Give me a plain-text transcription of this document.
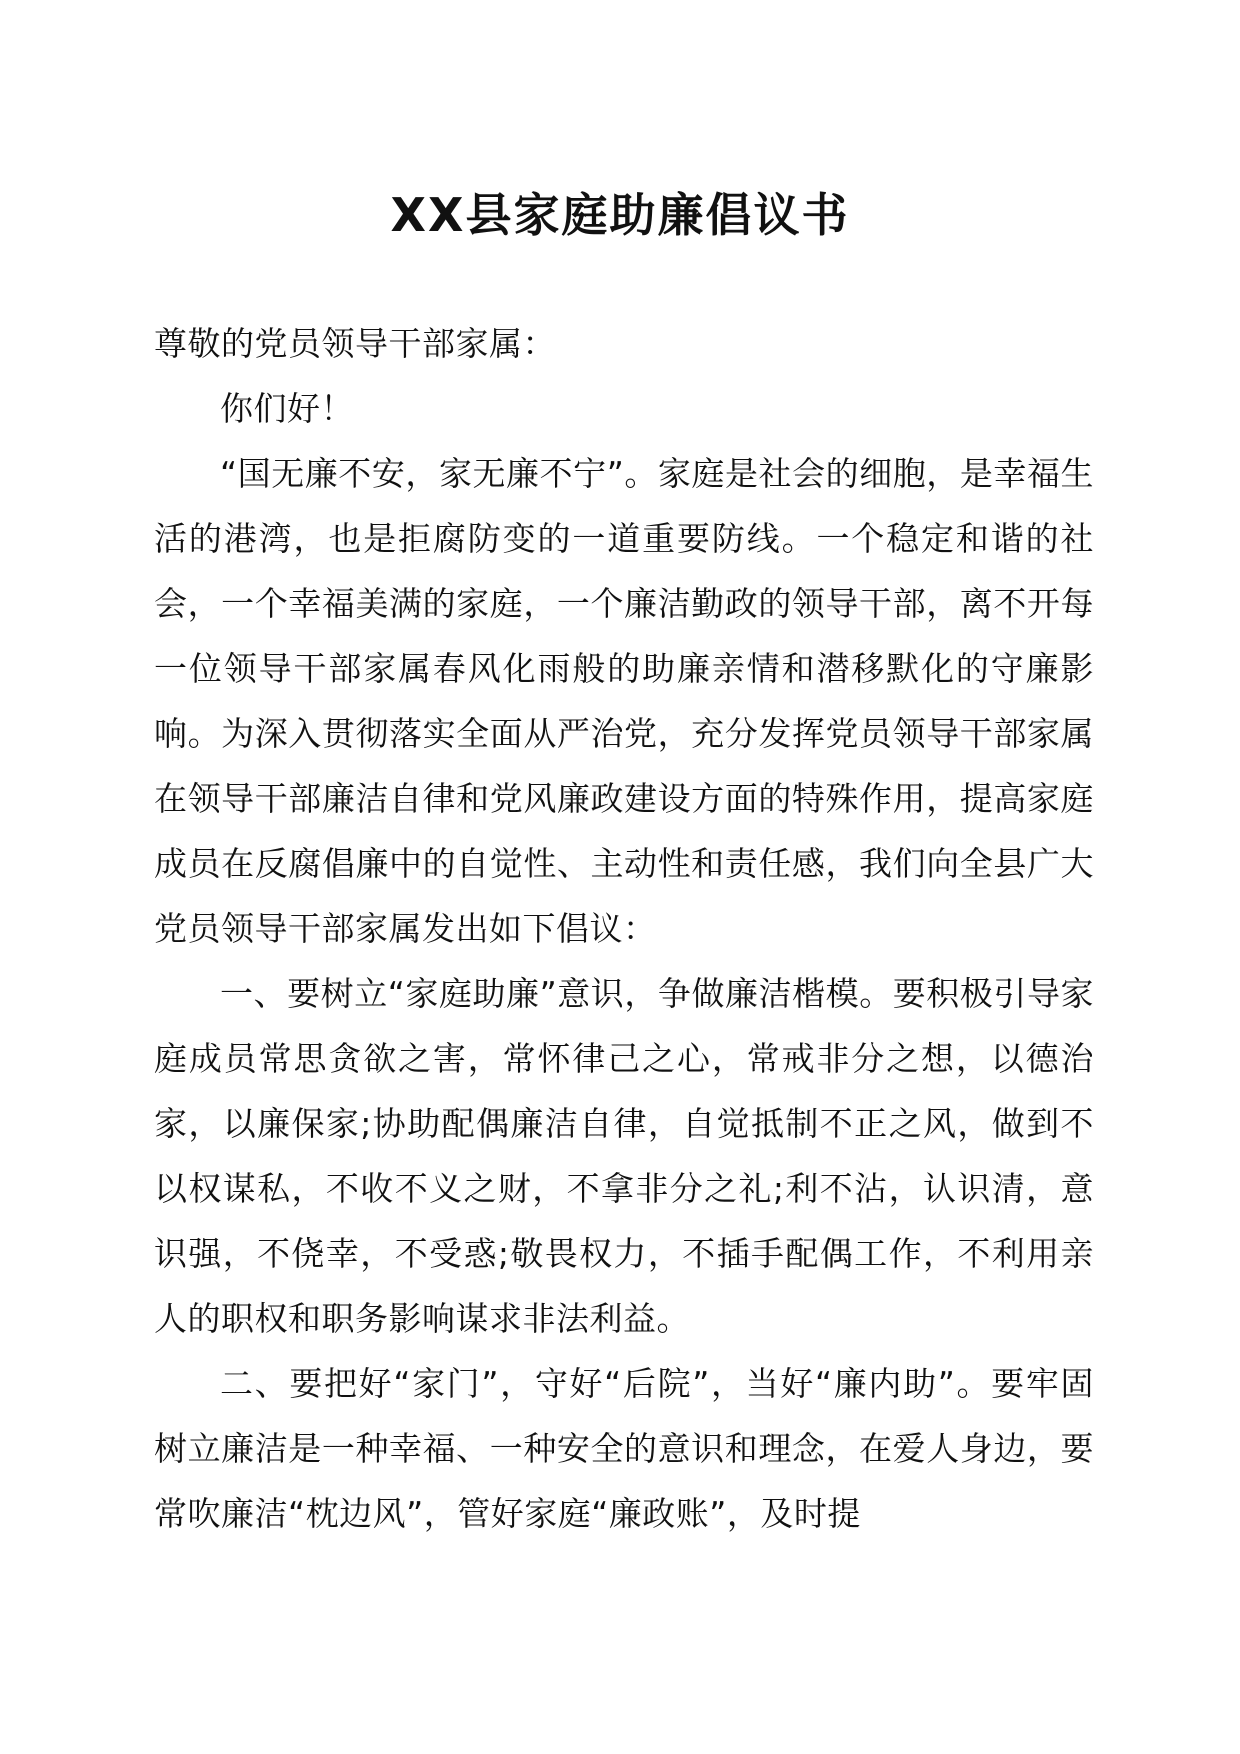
XX县家庭助廉倡议书

尊敬的党员领导干部家属：

你们好！

“国无廉不安，家无廉不宁”。家庭是社会的细胞，是幸福生活的港湾，也是拒腐防变的一道重要防线。一个稳定和谐的社会，一个幸福美满的家庭，一个廉洁勤政的领导干部，离不开每一位领导干部家属春风化雨般的助廉亲情和潜移默化的守廉影响。为深入贯彻落实全面从严治党，充分发挥党员领导干部家属在领导干部廉洁自律和党风廉政建设方面的特殊作用，提高家庭成员在反腐倡廉中的自觉性、主动性和责任感，我们向全县广大党员领导干部家属发出如下倡议：

一、要树立“家庭助廉”意识，争做廉洁楷模。要积极引导家庭成员常思贪欲之害，常怀律己之心，常戒非分之想，以德治家，以廉保家;协助配偶廉洁自律，自觉抵制不正之风，做到不以权谋私，不收不义之财，不拿非分之礼;利不沾，认识清，意识强，不侥幸，不受惑;敬畏权力，不插手配偶工作，不利用亲人的职权和职务影响谋求非法利益。

二、要把好“家门”，守好“后院”，当好“廉内助”。要牢固树立廉洁是一种幸福、一种安全的意识和理念，在爱人身边，要常吹廉洁“枕边风”，管好家庭“廉政账”，及时提
